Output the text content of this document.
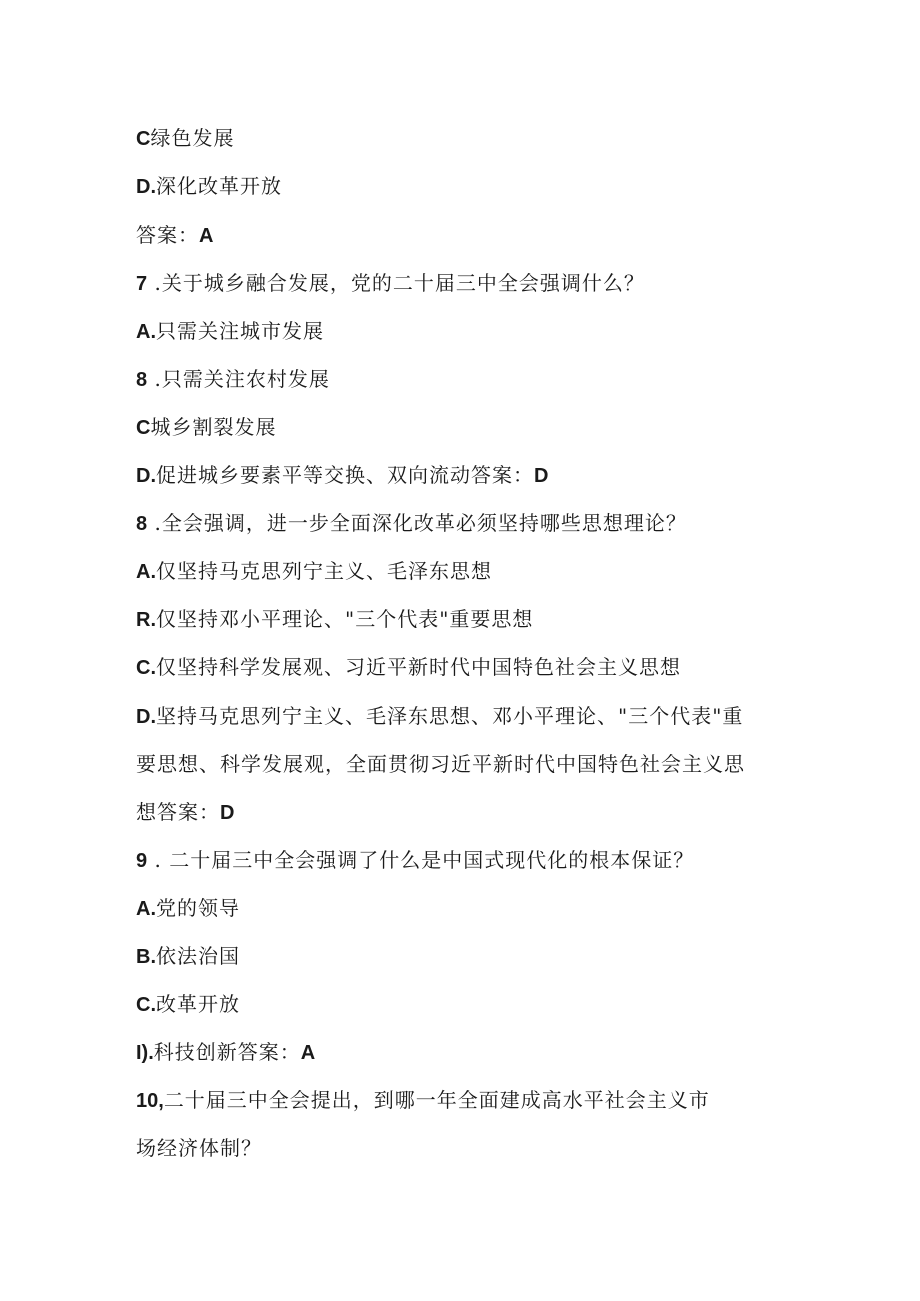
C绿色发展
D.深化改革开放
答案：A
7 .关于城乡融合发展，党的二十届三中全会强调什么？
A.只需关注城市发展
8 .只需关注农村发展
C城乡割裂发展
D.促进城乡要素平等交换、双向流动答案：D
8 .全会强调，进一步全面深化改革必须坚持哪些思想理论？
A.仅坚持马克思列宁主义、毛泽东思想
R.仅坚持邓小平理论、"三个代表"重要思想
C.仅坚持科学发展观、习近平新时代中国特色社会主义思想
D.坚持马克思列宁主义、毛泽东思想、邓小平理论、"三个代表"重
要思想、科学发展观，全面贯彻习近平新时代中国特色社会主义思
想答案：D
9 . 二十届三中全会强调了什么是中国式现代化的根本保证？
A.党的领导
B.依法治国
C.改革开放
I).科技创新答案：A
10,二十届三中全会提出，到哪一年全面建成高水平社会主义市
场经济体制？
